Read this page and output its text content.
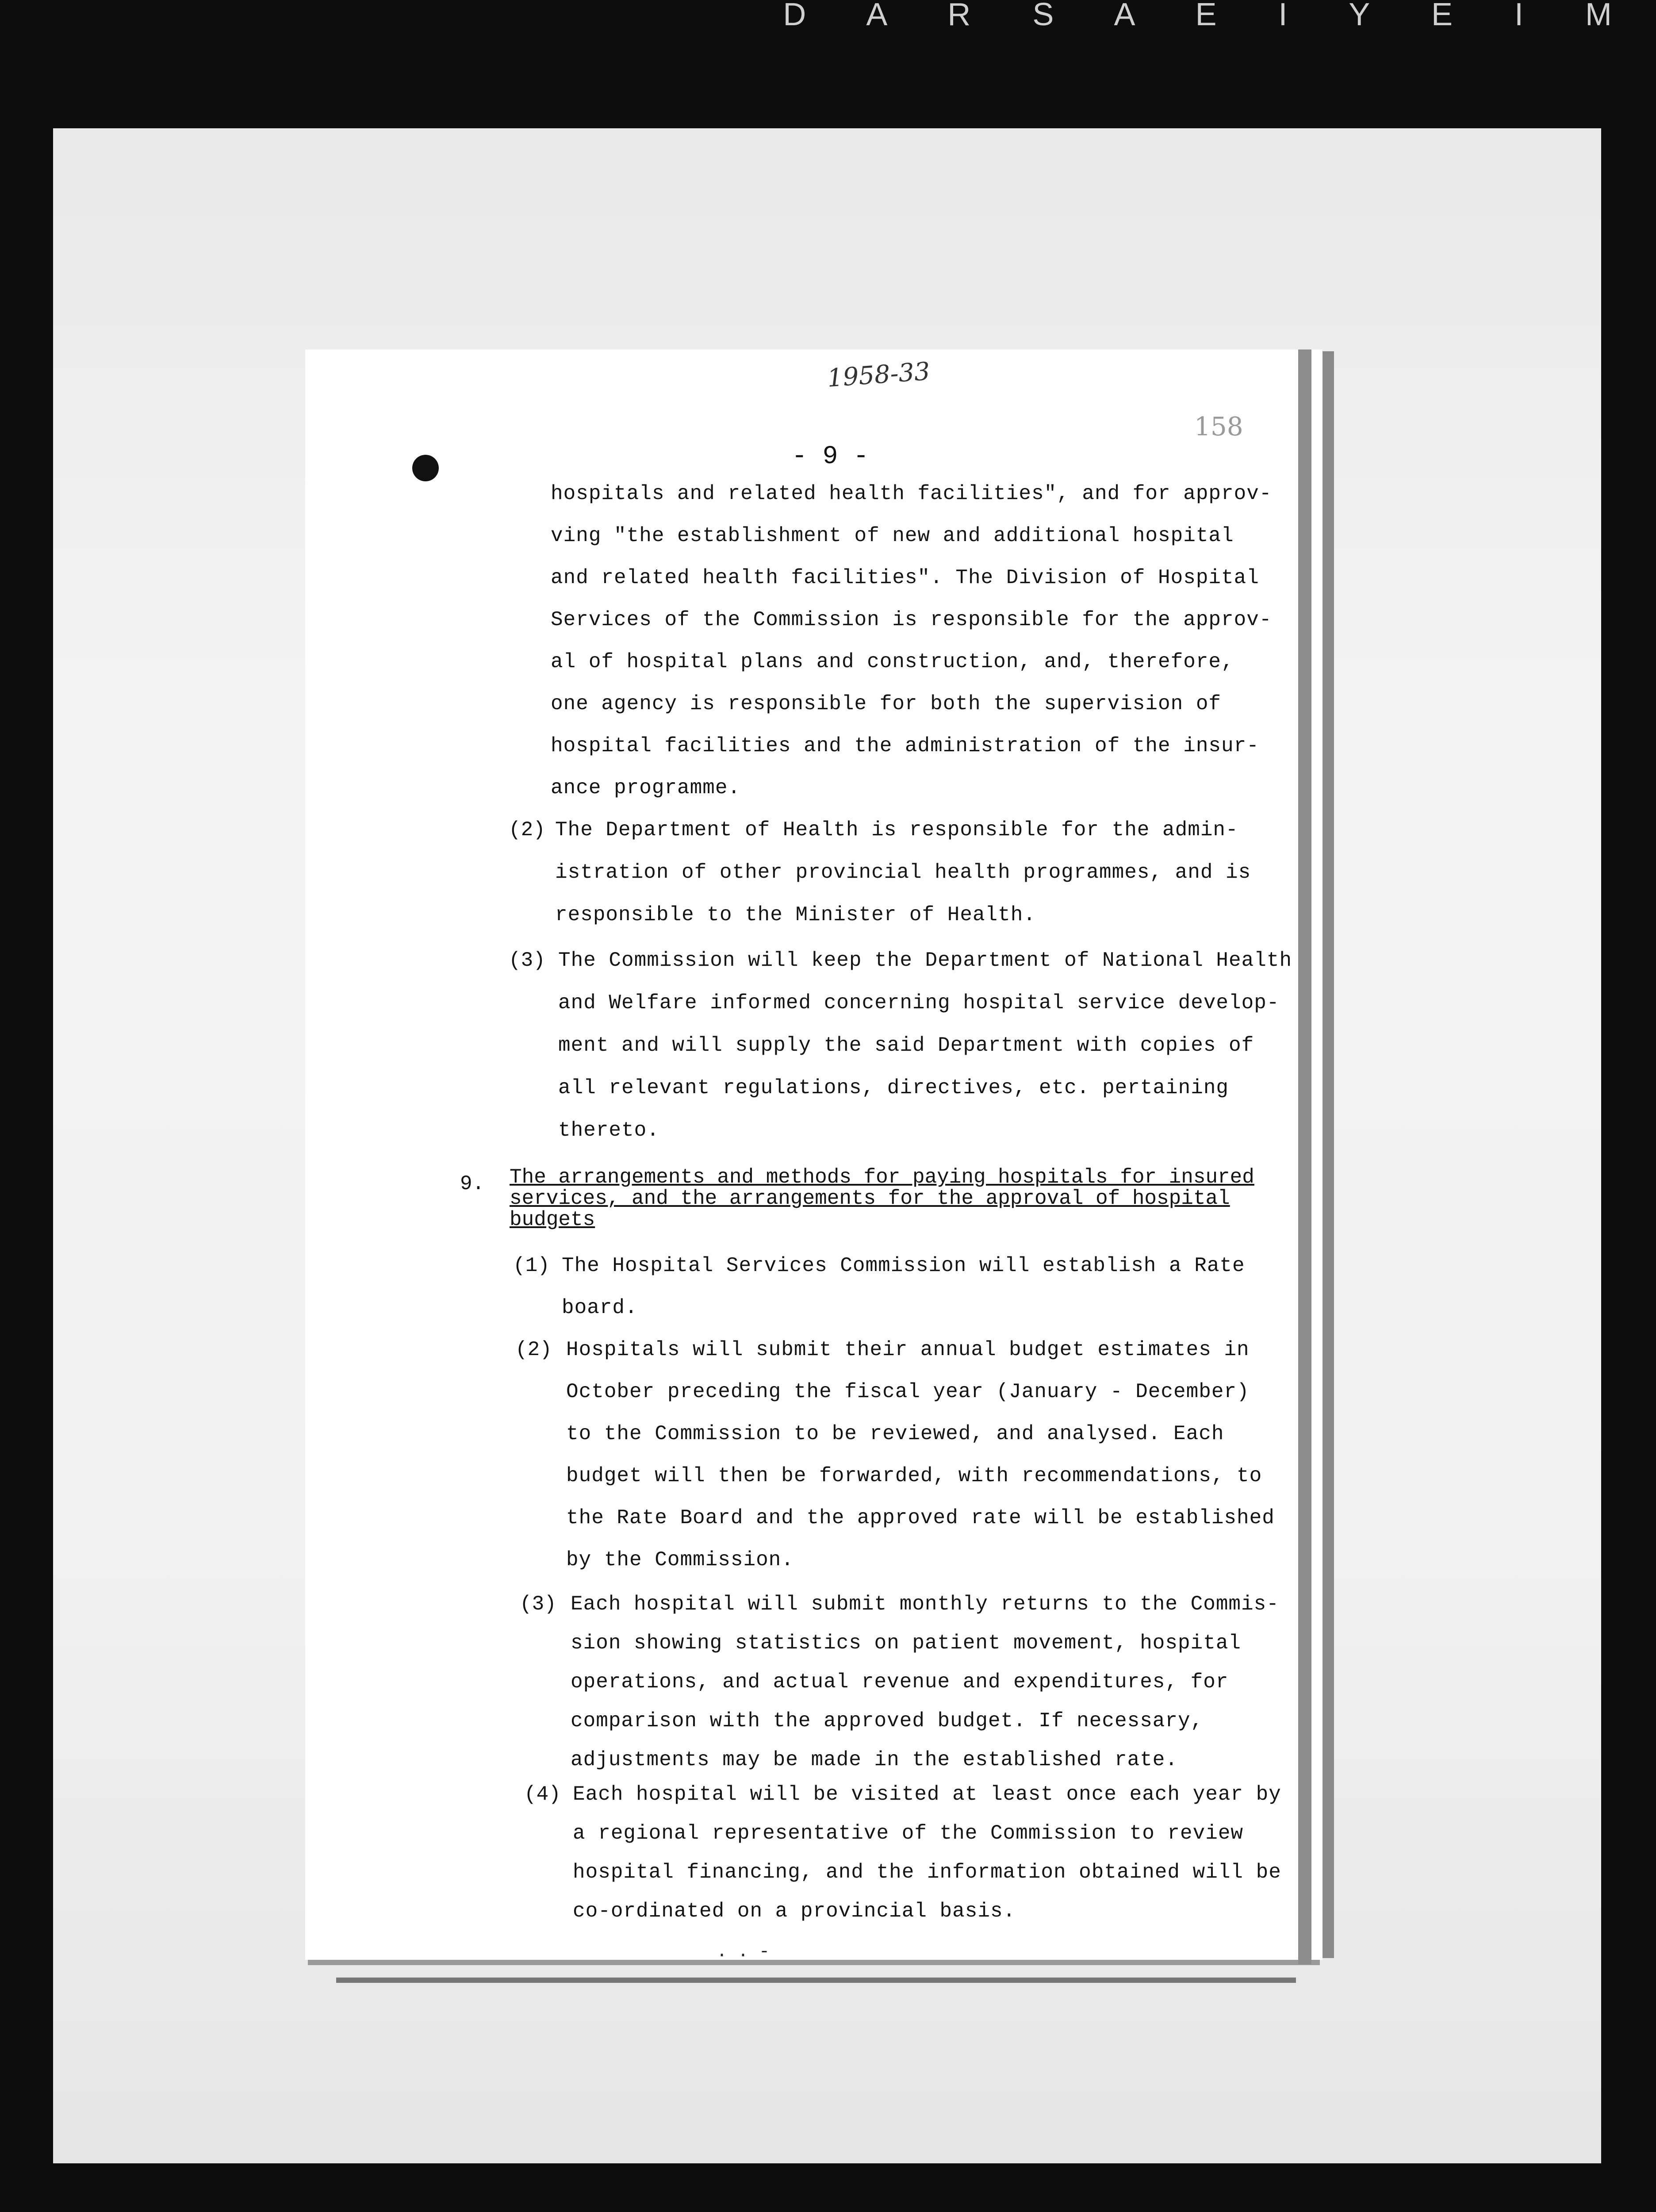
D A R S A E I Y E I M
1958-33
158
- 9 -
hospitals and related health facilities", and for approv-
ving "the establishment of new and additional hospital
and related health facilities". The Division of Hospital
Services of the Commission is responsible for the approv-
al of hospital plans and construction, and, therefore,
one agency is responsible for both the supervision of
hospital facilities and the administration of the insur-
ance programme.
(2) The Department of Health is responsible for the admin-
istration of other provincial health programmes, and is
responsible to the Minister of Health.
(3) The Commission will keep the Department of National Health
and Welfare informed concerning hospital service develop-
ment and will supply the said Department with copies of
all relevant regulations, directives, etc. pertaining
thereto.
9. The arrangements and methods for paying hospitals for insured
services, and the arrangements for the approval of hospital
budgets
(1) The Hospital Services Commission will establish a Rate
board.
(2) Hospitals will submit their annual budget estimates in
October preceding the fiscal year (January - December)
to the Commission to be reviewed, and analysed. Each
budget will then be forwarded, with recommendations, to
the Rate Board and the approved rate will be established
by the Commission.
(3) Each hospital will submit monthly returns to the Commis-
sion showing statistics on patient movement, hospital
operations, and actual revenue and expenditures, for
comparison with the approved budget. If necessary,
adjustments may be made in the established rate.
(4) Each hospital will be visited at least once each year by
a regional representative of the Commission to review
hospital financing, and the information obtained will be
co-ordinated on a provincial basis.
. . -
